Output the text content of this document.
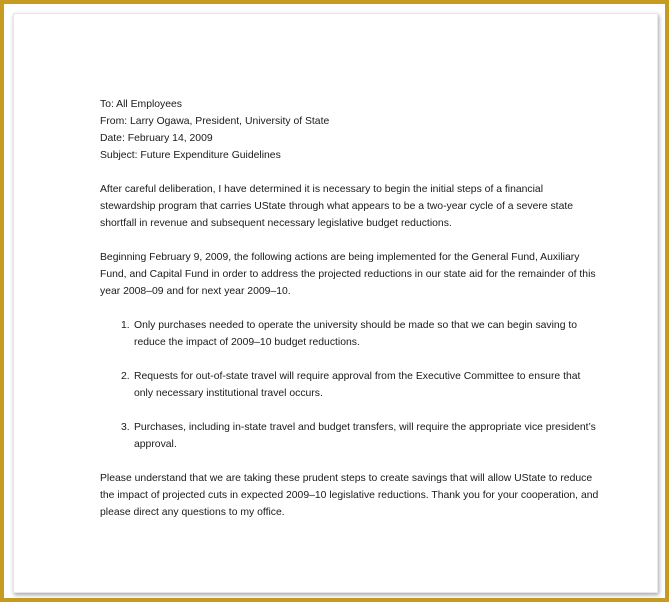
To: All Employees
From: Larry Ogawa, President, University of State
Date: February 14, 2009
Subject: Future Expenditure Guidelines

After careful deliberation, I have determined it is necessary to begin the initial steps of a financial stewardship program that carries UState through what appears to be a two-year cycle of a severe state shortfall in revenue and subsequent necessary legislative budget reductions.

Beginning February 9, 2009, the following actions are being implemented for the General Fund, Auxiliary Fund, and Capital Fund in order to address the projected reductions in our state aid for the remainder of this year 2008–09 and for next year 2009–10.

1. Only purchases needed to operate the university should be made so that we can begin saving to reduce the impact of 2009–10 budget reductions.
2. Requests for out-of-state travel will require approval from the Executive Committee to ensure that only necessary institutional travel occurs.
3. Purchases, including in-state travel and budget transfers, will require the appropriate vice president’s approval.

Please understand that we are taking these prudent steps to create savings that will allow UState to reduce the impact of projected cuts in expected 2009–10 legislative reductions. Thank you for your cooperation, and please direct any questions to my office.
